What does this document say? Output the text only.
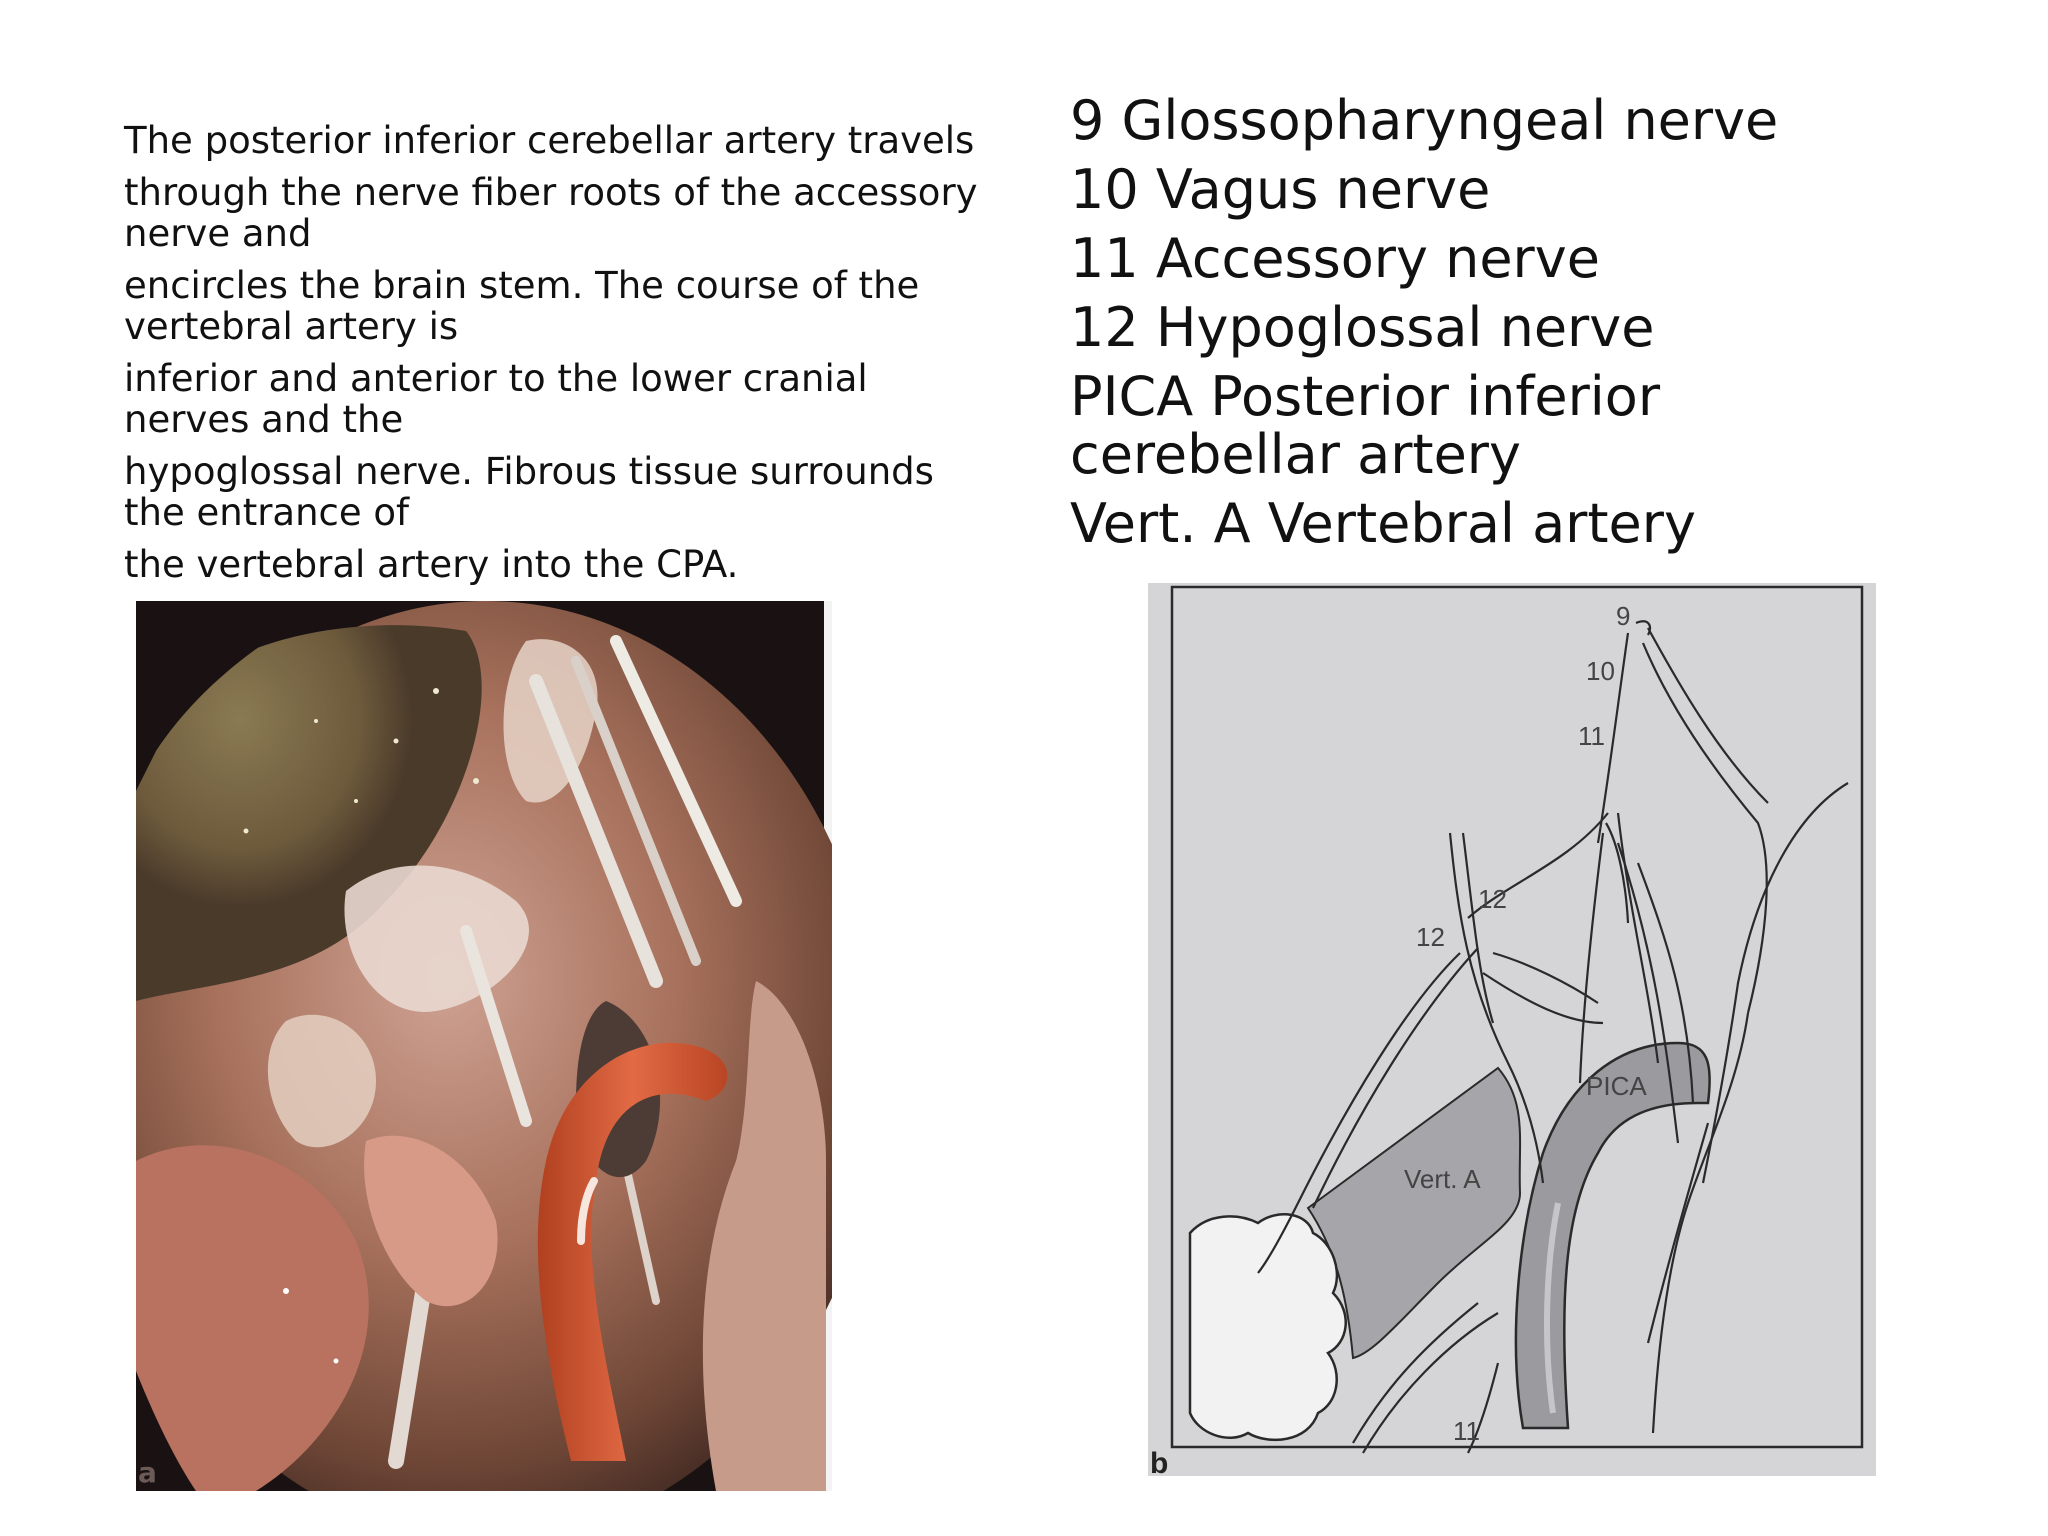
The posterior inferior cerebellar artery travels

through the nerve fiber roots of the accessory nerve and

encircles the brain stem. The course of the vertebral artery is

inferior and anterior to the lower cranial nerves and the

hypoglossal nerve. Fibrous tissue surrounds the entrance of

the vertebral artery into the CPA.

9 Glossopharyngeal nerve
10 Vagus nerve
11 Accessory nerve
12 Hypoglossal nerve
PICA Posterior inferior cerebellar artery
Vert. A Vertebral artery
a
9
10
11
12
12
PICA
Vert. A
11
b
